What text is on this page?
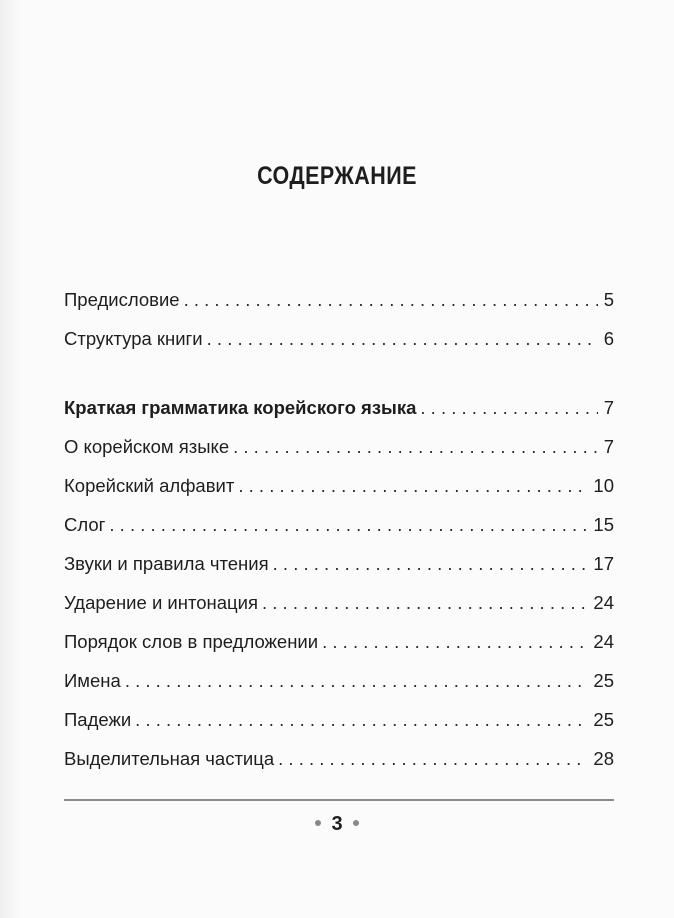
СОДЕРЖАНИЕ
Предисловие . . .	5
Структура книги . . .	6
Краткая грамматика корейского языка . . .	7
О корейском языке . . .	7
Корейский алфавит . . .	10
Слог . . .	15
Звуки и правила чтения . . .	17
Ударение и интонация . . .	24
Порядок слов в предложении . . .	24
Имена . . .	25
Падежи . . .	25
Выделительная частица . . .	28
3
